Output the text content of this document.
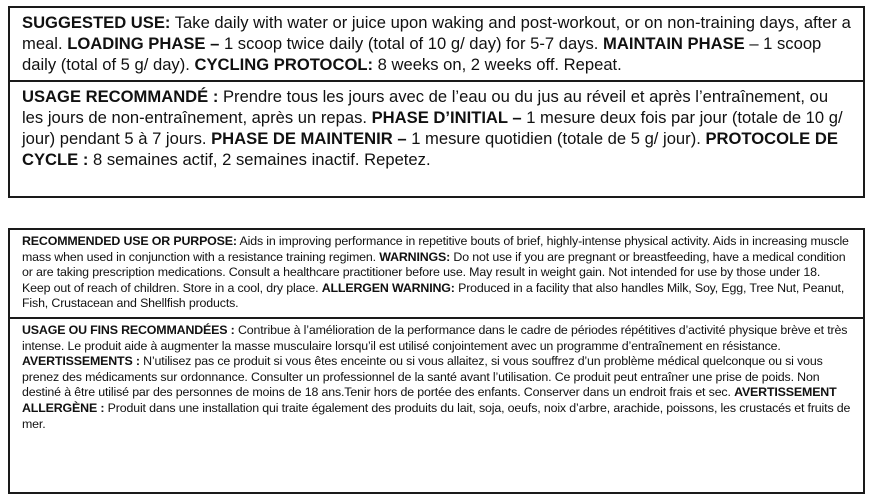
SUGGESTED USE: Take daily with water or juice upon waking and post-workout, or on non-training days, after a meal. LOADING PHASE – 1 scoop twice daily (total of 10 g/ day) for 5-7 days. MAINTAIN PHASE – 1 scoop daily (total of 5 g/ day). CYCLING PROTOCOL: 8 weeks on, 2 weeks off. Repeat.
USAGE RECOMMANDÉ : Prendre tous les jours avec de l’eau ou du jus au réveil et après l’entraînement, ou les jours de non-entraînement, après un repas. PHASE D’INITIAL – 1 mesure deux fois par jour (totale de 10 g/ jour) pendant 5 à 7 jours. PHASE DE MAINTENIR – 1 mesure quotidien (totale de 5 g/ jour). PROTOCOLE DE CYCLE : 8 semaines actif, 2 semaines inactif. Repetez.
RECOMMENDED USE OR PURPOSE: Aids in improving performance in repetitive bouts of brief, highly-intense physical activity. Aids in increasing muscle mass when used in conjunction with a resistance training regimen. WARNINGS: Do not use if you are pregnant or breastfeeding, have a medical condition or are taking prescription medications. Consult a healthcare practitioner before use. May result in weight gain. Not intended for use by those under 18. Keep out of reach of children. Store in a cool, dry place. ALLERGEN WARNING: Produced in a facility that also handles Milk, Soy, Egg, Tree Nut, Peanut, Fish, Crustacean and Shellfish products.
USAGE OU FINS RECOMMANDÉES : Contribue à l’amélioration de la performance dans le cadre de périodes répétitives d’activité physique brève et très intense. Le produit aide à augmenter la masse musculaire lorsqu’il est utilisé conjointement avec un programme d’entraînement en résistance. AVERTISSEMENTS : N’utilisez pas ce produit si vous êtes enceinte ou si vous allaitez, si vous souffrez d’un problème médical quelconque ou si vous prenez des médicaments sur ordonnance. Consulter un professionnel de la santé avant l’utilisation. Ce produit peut entraîner une prise de poids. Non destiné à être utilisé par des personnes de moins de 18 ans.Tenir hors de portée des enfants. Conserver dans un endroit frais et sec. AVERTISSEMENT ALLERGÈNE : Produit dans une installation qui traite également des produits du lait, soja, oeufs, noix d’arbre, arachide, poissons, les crustacés et fruits de mer.
